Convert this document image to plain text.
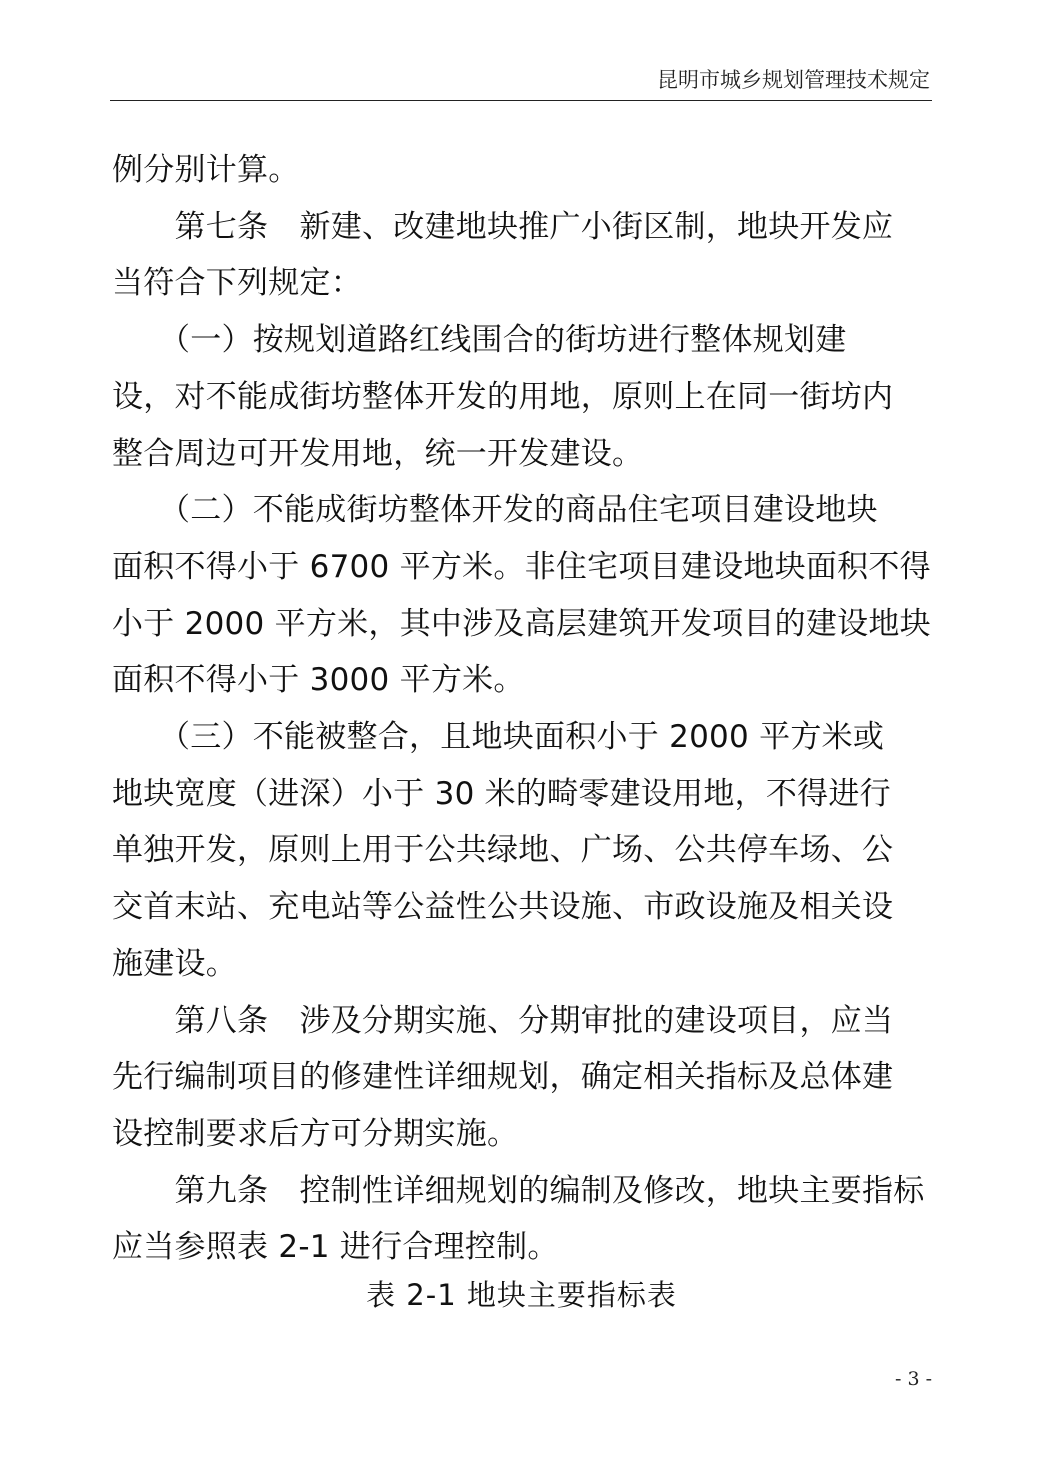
昆明市城乡规划管理技术规定

例分别计算。

　　第七条　新建、改建地块推广小街区制，地块开发应

当符合下列规定：

　　（一）按规划道路红线围合的街坊进行整体规划建

设，对不能成街坊整体开发的用地，原则上在同一街坊内

整合周边可开发用地，统一开发建设。

　　（二）不能成街坊整体开发的商品住宅项目建设地块

面积不得小于 6700 平方米。非住宅项目建设地块面积不得

小于 2000 平方米，其中涉及高层建筑开发项目的建设地块

面积不得小于 3000 平方米。

　　（三）不能被整合，且地块面积小于 2000 平方米或

地块宽度（进深）小于 30 米的畸零建设用地，不得进行

单独开发，原则上用于公共绿地、广场、公共停车场、公

交首末站、充电站等公益性公共设施、市政设施及相关设

施建设。

　　第八条　涉及分期实施、分期审批的建设项目，应当

先行编制项目的修建性详细规划，确定相关指标及总体建

设控制要求后方可分期实施。

　　第九条　控制性详细规划的编制及修改，地块主要指标

应当参照表 2-1 进行合理控制。

表 2-1 地块主要指标表
- 3 -
